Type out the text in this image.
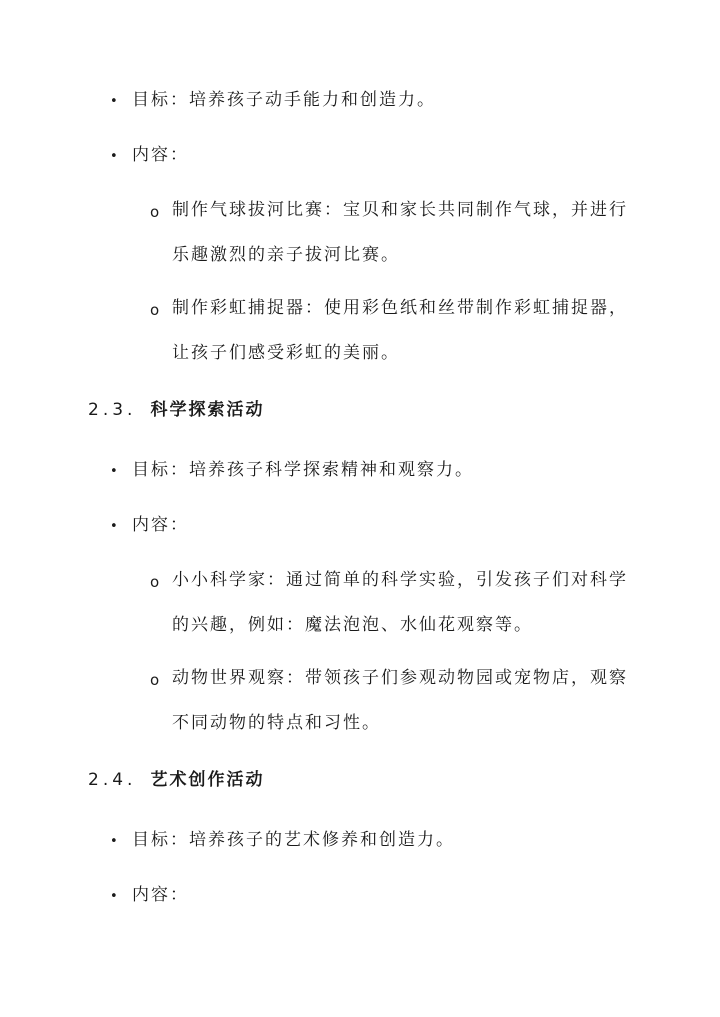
• 目标：培养孩子动手能力和创造力。
• 内容：
o 制作气球拔河比赛：宝贝和家长共同制作气球，并进行
乐趣激烈的亲子拔河比赛。
o 制作彩虹捕捉器：使用彩色纸和丝带制作彩虹捕捉器，
让孩子们感受彩虹的美丽。
2.3. 科学探索活动
• 目标：培养孩子科学探索精神和观察力。
• 内容：
o 小小科学家：通过简单的科学实验，引发孩子们对科学
的兴趣，例如：魔法泡泡、水仙花观察等。
o 动物世界观察：带领孩子们参观动物园或宠物店，观察
不同动物的特点和习性。
2.4. 艺术创作活动
• 目标：培养孩子的艺术修养和创造力。
• 内容：
